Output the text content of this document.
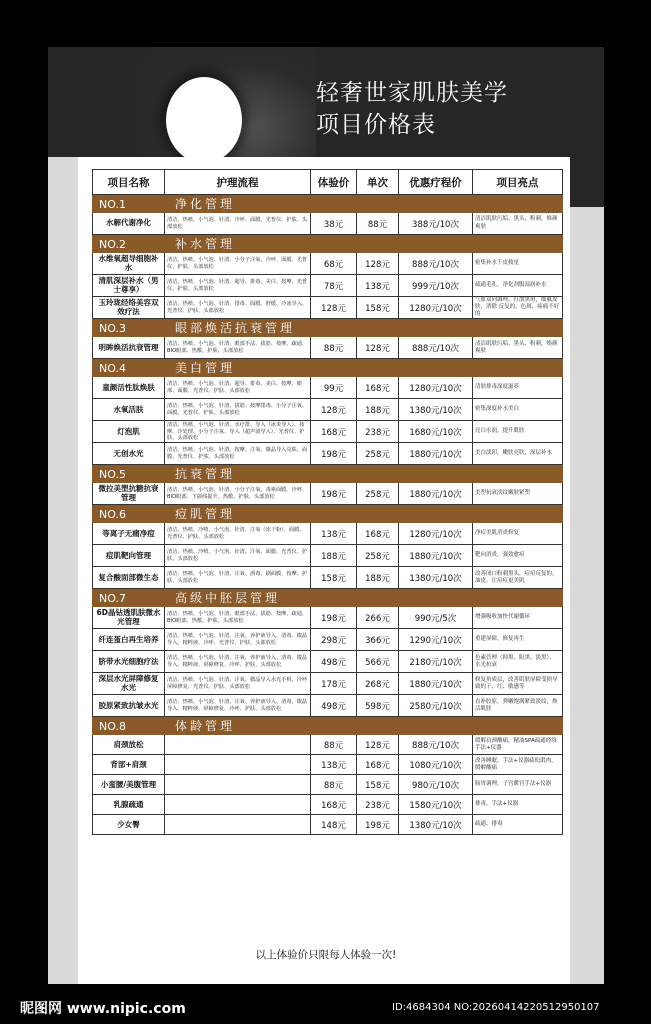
轻奢世家肌肤美学
项目价格表
以上体验价只限每人体验一次!
项目名称	护理流程	体验价	单次	优惠疗程价	项目亮点
NO.1 净化管理					
水解代谢净化	清洁、热喷、小气泡、针清、冷呼、面膜、光普仪、护肤、头部放松	38元	88元	388元/10次	清洁肌肤污垢、黑头、粉刺，焕颜爽肤
NO.2 补水管理					
水维氧超导细胞补水	清洁、热喷、小气泡、针清、小分子注氧、冷呼、面膜、光普仪、护肤、头部放松	68元	128元	888元/10次	密集补水干皮救星
清肌深层补水（男士尊享）	清洁、热喷、小气泡、针清、超导、排毒、美白、按摩、光普仪、护肤、头部放松	78元	138元	999元/10次	疏通毛孔，净化剂服湿润补水
玉玲珑经络美容双效疗法	清洁、热喷、小气泡、针清、排毒、面膜、舒缓、冷冰导入、光普仪、护肤、头部放松	128元	158元	1280元/10次	气血双向调理，打散黑斑，细腻皮肤，消除 反复的、色斑、疼痛不好的
NO.3 眼部焕活抗衰管理					
明眸焕活抗衰管理	清洁、热喷、小气泡、针清、眼部手法、拔筋、按摩、疏通、BIO眼部、热敷、护肤、头部放松	88元	128元	888元/10次	清洁肌肤污垢、黑头、粉刺，焕颜爽肤
NO.4 美白管理					
童颜活性肽焕肤	清洁、热喷、小气泡、针清、超导、排毒、美白、按摩、眼部、面膜、光普仪、护肤、头部放松	99元	168元	1280元/10次	清肤排毒深度滋养
水氧活肤	清洁、热喷、小气泡、针清、拔筋、按摩排毒、小分子注氧、面膜、光普仪、护肤、头部放松	128元	188元	1380元/10次	密集深度补水美白
灯泡肌	清洁、热喷、小气泡、针清、水疗排、导入（冰炎导入）、按摩、冷处理、小分子注氧、导入（超声波导入）、光普仪、护肤、头部放松	168元	238元	1680元/10次	亮白水润，提升肌肤
无创水光	清洁、热喷、小气泡、针清、按摩、注氧、微晶导入亮肤、面膜、光普仪、护肤、头部放松	198元	258元	1880元/10次	美白淡印，嫩肤亮肤，深层补水
NO.5 抗衰管理					
微拉美塑抗糖抗衰管理	清洁、热喷、小气泡、针清、小分子注氧、毒素面膜、冷呼、BIO眼部、下颌线提升、热敷、护肤、头部放松	198元	258元	1880元/10次	美塑抗衰淡纹嫩肤紧塑
NO.6 痘肌管理					
等离子无痛净痘	清洁、热喷、冷喷、小气泡、针清、注氧（冻干粉）、面膜、光普仪、护肤、头部放松	138元	168元	1280元/10次	净痘美肌消炎修复
痘肌靶向管理	清洁、热喷、冷喷、小气泡、针清、注氧、面膜、光普仪、护肤、头部放松	188元	258元	1880元/10次	靶向消炎，强效愈痘
复合酸面部微生态	清洁、热喷、小气泡、针清、注氧、酒毒、刷面膜、按摩、护肤、头部放松	158元	188元	1380元/10次	改善闭口粉刺黑头，痘痘反复的，油皮，让痘痘更美肌
NO.7 高级中胚层管理					
6D晶钻透肌肤微水光管理	清洁、热喷、小气泡、针清、眼部手法、拔筋、按摩、疏通、BIO眼部、热敷、护肤、头部放松	198元	266元	990元/5次	增强吸收加快代谢循环
纤连蛋白再生培养	清洁、热喷、小气泡、针清、注氧、养护液导入、清毒、微晶导入、精粹液、冷呼、光普仪、护肤、头部放松	298元	366元	1290元/10次	重建屏障，修复再生
脐带水光细胞疗法	清洁、热喷、小气泡、针清、注氧、养护液导入、清毒、微晶导入、精粹液、屏障修复、冷呼、护肤、头部放松	498元	566元	2180元/10次	色素管理（抑黑、阻黑、淡黑）、水光抗衰
深层水光屏障修复水光	清洁、热喷、小气泡、针清、注氧、微晶导入水光手机、冷呼屏障修复、光普仪、护肤、头部放松	178元	268元	1880元/10次	修复角质层，改善肌肤屏障受损导致的干、红、敏感等
胶原紧致抗皱水光	清洁、热喷、小气泡、针清、注氧、养护液导入、清毒、微晶导入、精粹液、屏障修复、冷呼、护肤、头部放松	498元	598元	2580元/10次	直补胶原，弹嫩饱满紧致淡纹，焕活肌肤
NO.8 体龄管理					
肩颈放松		88元	128元	888元/10次	缓解肩颈酸痛，精油SPA疏通经络手法+仪器
背部+肩颈		138元	168元	1080元/10次	改善睡眠，手法+仪器疏松肌肉，缓解酸痛
小蛮腰/美腹管理		88元	158元	980元/10次	肠胃调理，子宫暖宫手法+仪器
乳腺疏通		168元	238元	1580元/10次	排毒，手法+仪器
少女臀		148元	198元	1380元/10次	疏通、排毒
昵图网 www.nipic.com	ID:4684304 NO:20260414220512950107
